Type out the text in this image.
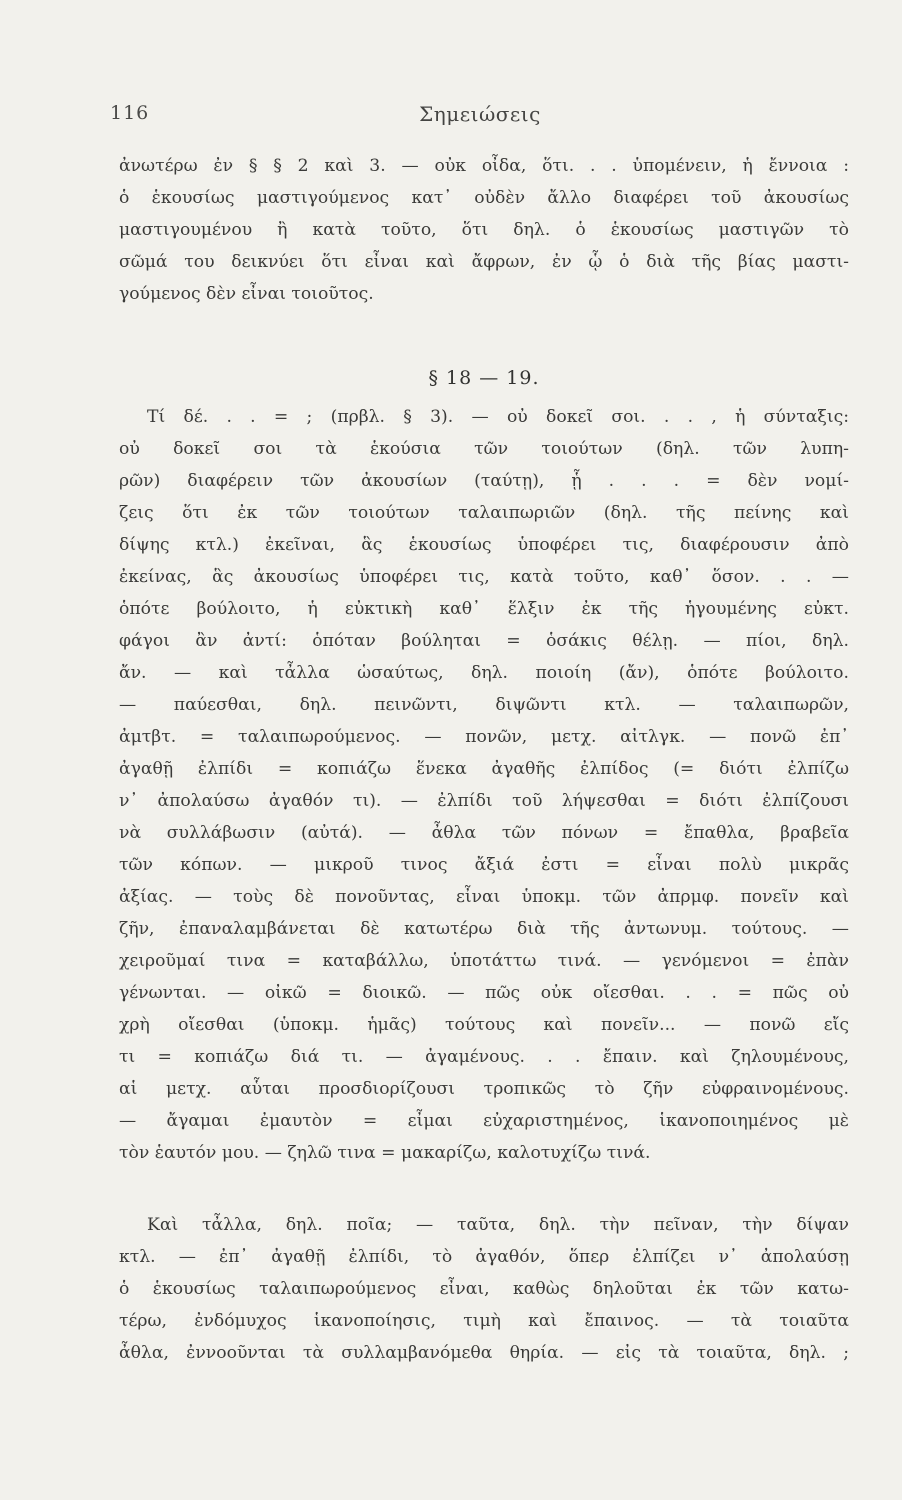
116	Σημειώσεις
ἀνωτέρω ἐν § § 2 καὶ 3. — οὐκ οἶδα, ὅτι. . . ὑπομένειν, ἡ ἔννοια :
ὁ ἑκουσίως μαστιγούμενος κατ᾽ οὐδὲν ἄλλο διαφέρει τοῦ ἀκουσίως
μαστιγουμένου ἢ κατὰ τοῦτο, ὅτι δηλ. ὁ ἑκουσίως μαστιγῶν τὸ
σῶμά του δεικνύει ὅτι εἶναι καὶ ἄφρων, ἐν ᾧ ὁ διὰ τῆς βίας μαστι-
γούμενος δὲν εἶναι τοιοῦτος.
§ 18 — 19.
Τί δέ. . . = ; (πρβλ. § 3). — οὐ δοκεῖ σοι. . . , ἡ σύνταξις:
οὐ δοκεῖ σοι τὰ ἑκούσια τῶν τοιούτων (δηλ. τῶν λυπη-
ρῶν) διαφέρειν τῶν ἀκουσίων (ταύτῃ), ᾗ . . . = δὲν νομί-
ζεις ὅτι ἐκ τῶν τοιούτων ταλαιπωριῶν (δηλ. τῆς πείνης καὶ
δίψης κτλ.) ἐκεῖναι, ἃς ἑκουσίως ὑποφέρει τις, διαφέρουσιν ἀπὸ
ἐκείνας, ἃς ἀκουσίως ὑποφέρει τις, κατὰ τοῦτο, καθ᾽ ὅσον. . . —
ὁπότε βούλοιτο, ἡ εὐκτικὴ καθ᾽ ἕλξιν ἐκ τῆς ἡγουμένης εὐκτ.
φάγοι ἂν ἀντί: ὁπόταν βούληται = ὁσάκις θέλῃ. — πίοι, δηλ.
ἄν. — καὶ τἆλλα ὡσαύτως, δηλ. ποιοίη (ἄν), ὁπότε βούλοιτο.
— παύεσθαι, δηλ. πεινῶντι, διψῶντι κτλ. — ταλαιπωρῶν,
ἀμτβτ. = ταλαιπωρούμενος. — πονῶν, μετχ. αἰτλγκ. — πονῶ ἐπ᾽
ἀγαθῇ ἐλπίδι = κοπιάζω ἕνεκα ἀγαθῆς ἐλπίδος (= διότι ἐλπίζω
ν᾽ ἀπολαύσω ἀγαθόν τι). — ἐλπίδι τοῦ λήψεσθαι = διότι ἐλπίζουσι
νὰ συλλάβωσιν (αὐτά). — ἆθλα τῶν πόνων = ἔπαθλα, βραβεῖα
τῶν κόπων. — μικροῦ τινος ἄξιά ἐστι = εἶναι πολὺ μικρᾶς
ἀξίας. — τοὺς δὲ πονοῦντας, εἶναι ὑποκμ. τῶν ἀπρμφ. πονεῖν καὶ
ζῆν, ἐπαναλαμβάνεται δὲ κατωτέρω διὰ τῆς ἀντωνυμ. τούτους. —
χειροῦμαί τινα = καταβάλλω, ὑποτάττω τινά. — γενόμενοι = ἐπὰν
γένωνται. — οἰκῶ = διοικῶ. — πῶς οὐκ οἴεσθαι. . . = πῶς οὐ
χρὴ οἴεσθαι (ὑποκμ. ἡμᾶς) τούτους καὶ πονεῖν... — πονῶ εἴς
τι = κοπιάζω διά τι. — ἀγαμένους. . . ἔπαιν. καὶ ζηλουμένους,
αἱ μετχ. αὗται προσδιορίζουσι τροπικῶς τὸ ζῆν εὐφραινομένους.
— ἄγαμαι ἐμαυτὸν = εἶμαι εὐχαριστημένος, ἱκανοποιημένος μὲ
τὸν ἑαυτόν μου. — ζηλῶ τινα = μακαρίζω, καλοτυχίζω τινά.
Καὶ τἆλλα, δηλ. ποῖα; — ταῦτα, δηλ. τὴν πεῖναν, τὴν δίψαν
κτλ. — ἐπ᾽ ἀγαθῇ ἐλπίδι, τὸ ἀγαθόν, ὅπερ ἐλπίζει ν᾽ ἀπολαύσῃ
ὁ ἑκουσίως ταλαιπωρούμενος εἶναι, καθὼς δηλοῦται ἐκ τῶν κατω-
τέρω, ἐνδόμυχος ἱκανοποίησις, τιμὴ καὶ ἔπαινος. — τὰ τοιαῦτα
ἆθλα, ἐννοοῦνται τὰ συλλαμβανόμεθα θηρία. — εἰς τὰ τοιαῦτα, δηλ. ;
